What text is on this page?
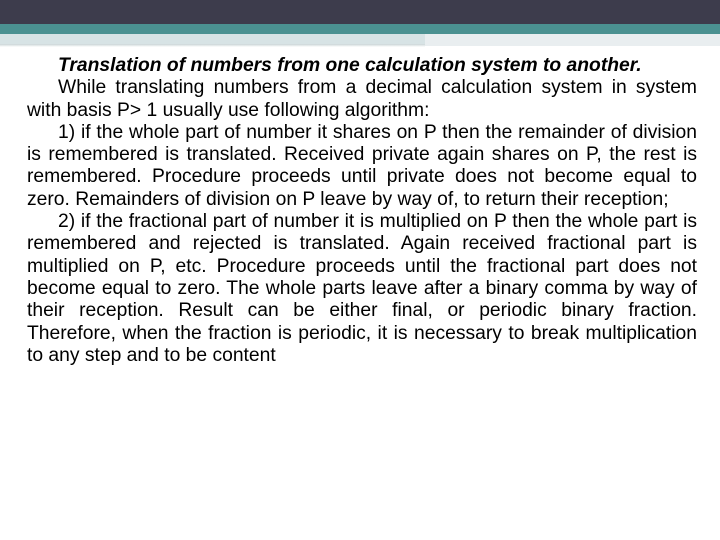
Translation of numbers from one calculation system to another.

While translating numbers from a decimal calculation system in system with basis P> 1 usually use following algorithm:

1) if the whole part of number it shares on P then the remainder of division is remembered is translated. Received private again shares on P, the rest is remembered. Procedure proceeds until private does not become equal to zero. Remainders of division on P leave by way of, to return their reception;

2) if the fractional part of number it is multiplied on P then the whole part is remembered and rejected is translated. Again received fractional part is multiplied on P, etc. Procedure proceeds until the fractional part does not become equal to zero. The whole parts leave after a binary comma by way of their reception. Result can be either final, or periodic binary fraction. Therefore, when the fraction is periodic, it is necessary to break multiplication to any step and to be content
